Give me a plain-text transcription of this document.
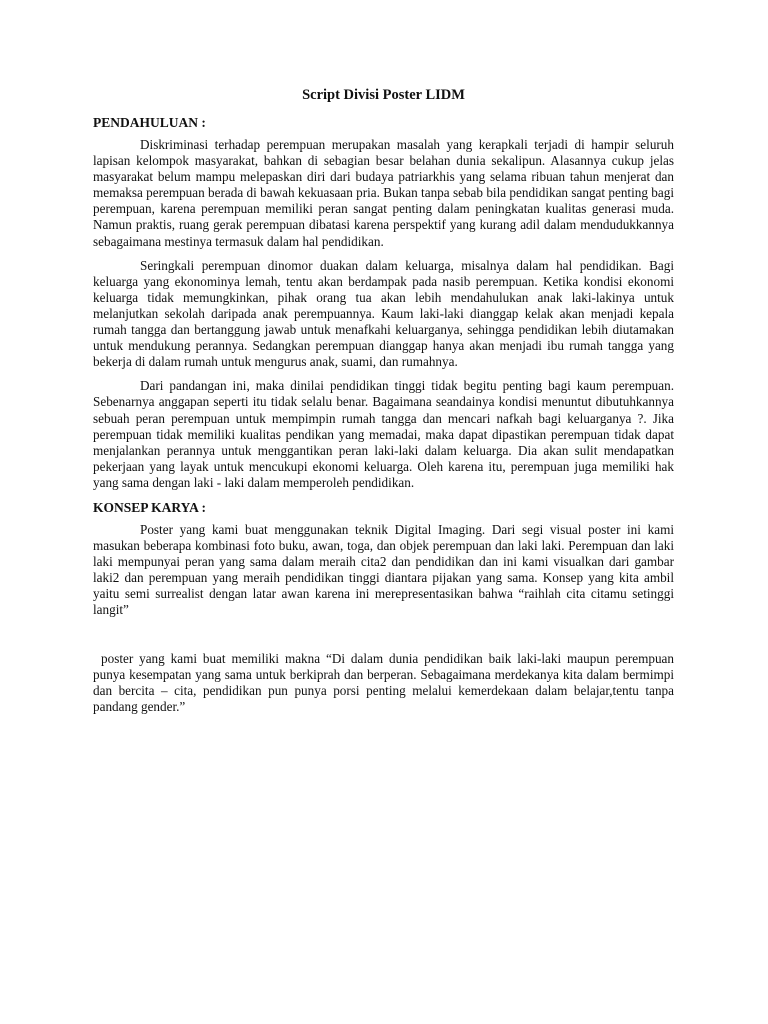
Script Divisi Poster LIDM
PENDAHULUAN :

Diskriminasi terhadap perempuan merupakan masalah yang kerapkali terjadi di hampir seluruh lapisan kelompok masyarakat, bahkan di sebagian besar belahan dunia sekalipun. Alasannya cukup jelas masyarakat belum mampu melepaskan diri dari budaya patriarkhis yang selama ribuan tahun menjerat dan memaksa perempuan berada di bawah kekuasaan pria. Bukan tanpa sebab bila pendidikan sangat penting bagi perempuan, karena perempuan memiliki peran sangat penting dalam peningkatan kualitas generasi muda. Namun praktis, ruang gerak perempuan dibatasi karena perspektif yang kurang adil dalam mendudukkannya sebagaimana mestinya termasuk dalam hal pendidikan.

Seringkali perempuan dinomor duakan dalam keluarga, misalnya dalam hal pendidikan. Bagi keluarga yang ekonominya lemah, tentu akan berdampak pada nasib perempuan. Ketika kondisi ekonomi keluarga tidak memungkinkan, pihak orang tua akan lebih mendahulukan anak laki-lakinya untuk melanjutkan sekolah daripada anak perempuannya. Kaum laki-laki dianggap kelak akan menjadi kepala rumah tangga dan bertanggung jawab untuk menafkahi keluarganya, sehingga pendidikan lebih diutamakan untuk mendukung perannya. Sedangkan perempuan dianggap hanya akan menjadi ibu rumah tangga yang bekerja di dalam rumah untuk mengurus anak, suami, dan rumahnya.

Dari pandangan ini, maka dinilai pendidikan tinggi tidak begitu penting bagi kaum perempuan. Sebenarnya anggapan seperti itu tidak selalu benar. Bagaimana seandainya kondisi menuntut dibutuhkannya sebuah peran perempuan untuk mempimpin rumah tangga dan mencari nafkah bagi keluarganya ?. Jika perempuan tidak memiliki kualitas pendikan yang memadai, maka dapat dipastikan perempuan tidak dapat menjalankan perannya untuk menggantikan peran laki-laki dalam keluarga. Dia akan sulit mendapatkan pekerjaan yang layak untuk mencukupi ekonomi keluarga. Oleh karena itu, perempuan juga memiliki hak yang sama dengan laki - laki dalam memperoleh pendidikan.

KONSEP KARYA :

Poster yang kami buat menggunakan teknik Digital Imaging. Dari segi visual poster ini kami masukan beberapa kombinasi foto buku, awan, toga, dan objek perempuan dan laki laki. Perempuan dan laki laki mempunyai peran yang sama dalam meraih cita2 dan pendidikan dan ini kami visualkan dari gambar laki2 dan perempuan yang meraih pendidikan tinggi diantara pijakan yang sama. Konsep yang kita ambil yaitu semi surrealist dengan latar awan karena ini merepresentasikan bahwa “raihlah cita citamu setinggi langit”

poster yang kami buat memiliki makna “Di dalam dunia pendidikan baik laki-laki maupun perempuan punya kesempatan yang sama untuk berkiprah dan berperan. Sebagaimana merdekanya kita dalam bermimpi dan bercita – cita, pendidikan pun punya porsi penting melalui kemerdekaan dalam belajar,tentu tanpa pandang gender.”
